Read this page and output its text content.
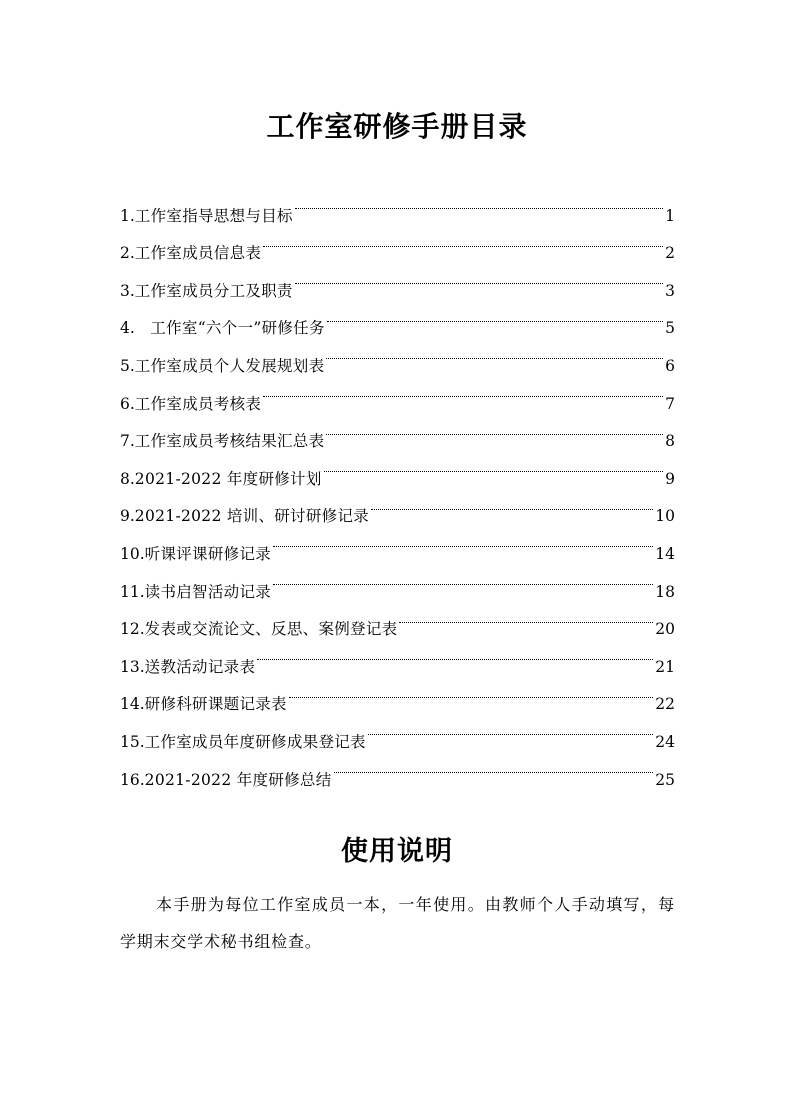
工作室研修手册目录
1. 工作室指导思想与目标	1
2. 工作室成员信息表	2
3. 工作室成员分工及职责	3
4.　 工作室“六个一”研修任务	5
5. 工作室成员个人发展规划表	6
6. 工作室成员考核表	7
7. 工作室成员考核结果汇总表	8
8. 2021-2022 年度研修计划	9
9. 2021-2022 培训、研讨研修记录	10
10. 听课评课研修记录	14
11. 读书启智活动记录	18
12. 发表或交流论文、反思、案例登记表	20
13. 送教活动记录表	21
14. 研修科研课题记录表	22
15. 工作室成员年度研修成果登记表	24
16. 2021-2022 年度研修总结	25
使用说明

本手册为每位工作室成员一本，一年使用。由教师个人手动填写，每学期末交学术秘书组检查。
